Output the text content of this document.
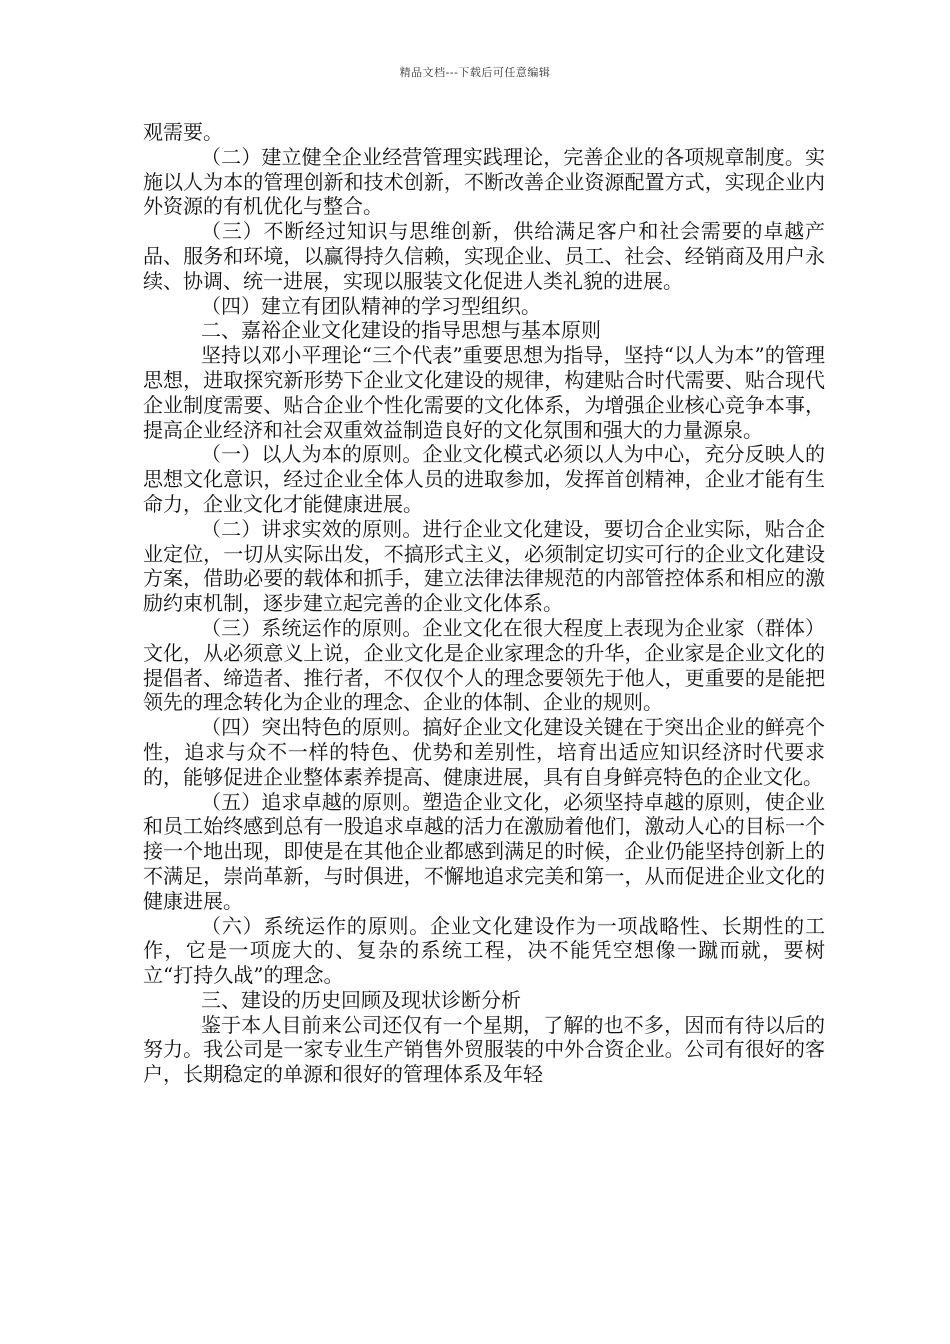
精品文档---下载后可任意编辑

观需要。

（二）建立健全企业经营管理实践理论，完善企业的各项规章制度。实施以人为本的管理创新和技术创新，不断改善企业资源配置方式，实现企业内外资源的有机优化与整合。

（三）不断经过知识与思维创新，供给满足客户和社会需要的卓越产品、服务和环境，以赢得持久信赖，实现企业、员工、社会、经销商及用户永续、协调、统一进展，实现以服装文化促进人类礼貌的进展。

（四）建立有团队精神的学习型组织。

二、嘉裕企业文化建设的指导思想与基本原则

坚持以邓小平理论“三个代表”重要思想为指导，坚持“以人为本”的管理思想，进取探究新形势下企业文化建设的规律，构建贴合时代需要、贴合现代企业制度需要、贴合企业个性化需要的文化体系，为增强企业核心竞争本事，提高企业经济和社会双重效益制造良好的文化氛围和强大的力量源泉。

（一）以人为本的原则。企业文化模式必须以人为中心，充分反映人的思想文化意识，经过企业全体人员的进取参加，发挥首创精神，企业才能有生命力，企业文化才能健康进展。

（二）讲求实效的原则。进行企业文化建设，要切合企业实际，贴合企业定位，一切从实际出发，不搞形式主义，必须制定切实可行的企业文化建设方案，借助必要的载体和抓手，建立法律法律规范的内部管控体系和相应的激励约束机制，逐步建立起完善的企业文化体系。

（三）系统运作的原则。企业文化在很大程度上表现为企业家（群体）文化，从必须意义上说，企业文化是企业家理念的升华，企业家是企业文化的提倡者、缔造者、推行者，不仅仅个人的理念要领先于他人，更重要的是能把领先的理念转化为企业的理念、企业的体制、企业的规则。

（四）突出特色的原则。搞好企业文化建设关键在于突出企业的鲜亮个性，追求与众不一样的特色、优势和差别性，培育出适应知识经济时代要求的，能够促进企业整体素养提高、健康进展，具有自身鲜亮特色的企业文化。

（五）追求卓越的原则。塑造企业文化，必须坚持卓越的原则，使企业和员工始终感到总有一股追求卓越的活力在激励着他们，激动人心的目标一个接一个地出现，即使是在其他企业都感到满足的时候，企业仍能坚持创新上的不满足，崇尚革新，与时俱进，不懈地追求完美和第一，从而促进企业文化的健康进展。

（六）系统运作的原则。企业文化建设作为一项战略性、长期性的工作，它是一项庞大的、复杂的系统工程，决不能凭空想像一蹴而就，要树立“打持久战”的理念。

三、建设的历史回顾及现状诊断分析

鉴于本人目前来公司还仅有一个星期，了解的也不多，因而有待以后的努力。我公司是一家专业生产销售外贸服装的中外合资企业。公司有很好的客户，长期稳定的单源和很好的管理体系及年轻
